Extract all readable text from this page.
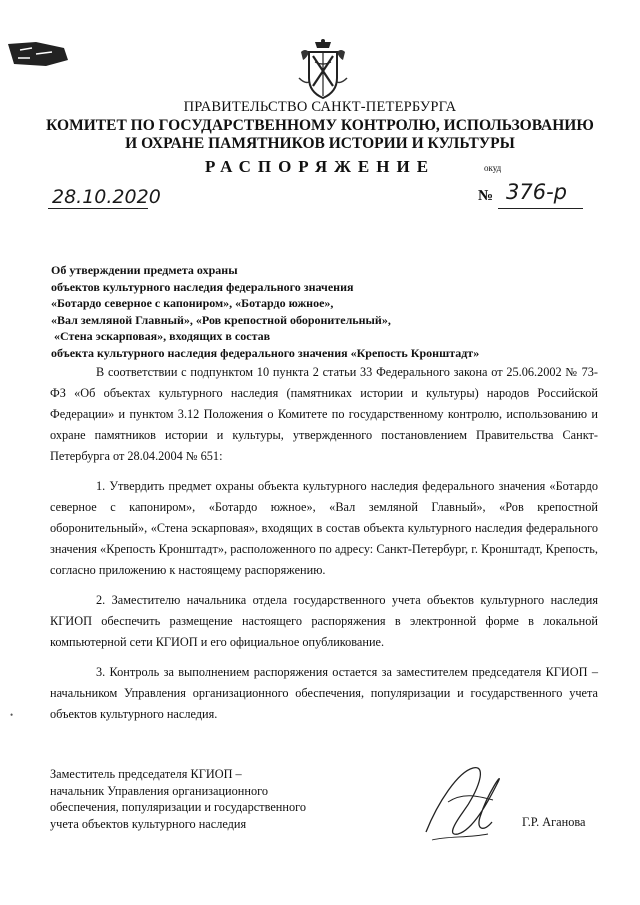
ПРАВИТЕЛЬСТВО САНКТ-ПЕТЕРБУРГА
КОМИТЕТ ПО ГОСУДАРСТВЕННОМУ КОНТРОЛЮ, ИСПОЛЬЗОВАНИЮ
И ОХРАНЕ ПАМЯТНИКОВ ИСТОРИИ И КУЛЬТУРЫ
РАСПОРЯЖЕНИЕ	окуд
28.10.2020	№ 376-р
Об утверждении предмета охраны
объектов культурного наследия федерального значения
«Ботардо северное с капониром», «Ботардо южное»,
«Вал земляной Главный», «Ров крепостной оборонительный»,
«Стена эскарповая», входящих в состав
объекта культурного наследия федерального значения «Крепость Кронштадт»

В соответствии с подпунктом 10 пункта 2 статьи 33 Федерального закона от 25.06.2002 № 73-ФЗ «Об объектах культурного наследия (памятниках истории и культуры) народов Российской Федерации» и пунктом 3.12 Положения о Комитете по государственному контролю, использованию и охране памятников истории и культуры, утвержденного постановлением Правительства Санкт-Петербурга от 28.04.2004 № 651:

1. Утвердить предмет охраны объекта культурного наследия федерального значения «Ботардо северное с капониром», «Ботардо южное», «Вал земляной Главный», «Ров крепостной оборонительный», «Стена эскарповая», входящих в состав объекта культурного наследия федерального значения «Крепость Кронштадт», расположенного по адресу: Санкт-Петербург, г. Кронштадт, Крепость, согласно приложению к настоящему распоряжению.

2. Заместителю начальника отдела государственного учета объектов культурного наследия КГИОП обеспечить размещение настоящего распоряжения в электронной форме в локальной компьютерной сети КГИОП и его официальное опубликование.

3. Контроль за выполнением распоряжения остается за заместителем председателя КГИОП – начальником Управления организационного обеспечения, популяризации и государственного учета объектов культурного наследия.

•
Заместитель председателя КГИОП –
начальник Управления организационного
обеспечения, популяризации и государственного
учета объектов культурного наследия	Г.Р. Аганова
